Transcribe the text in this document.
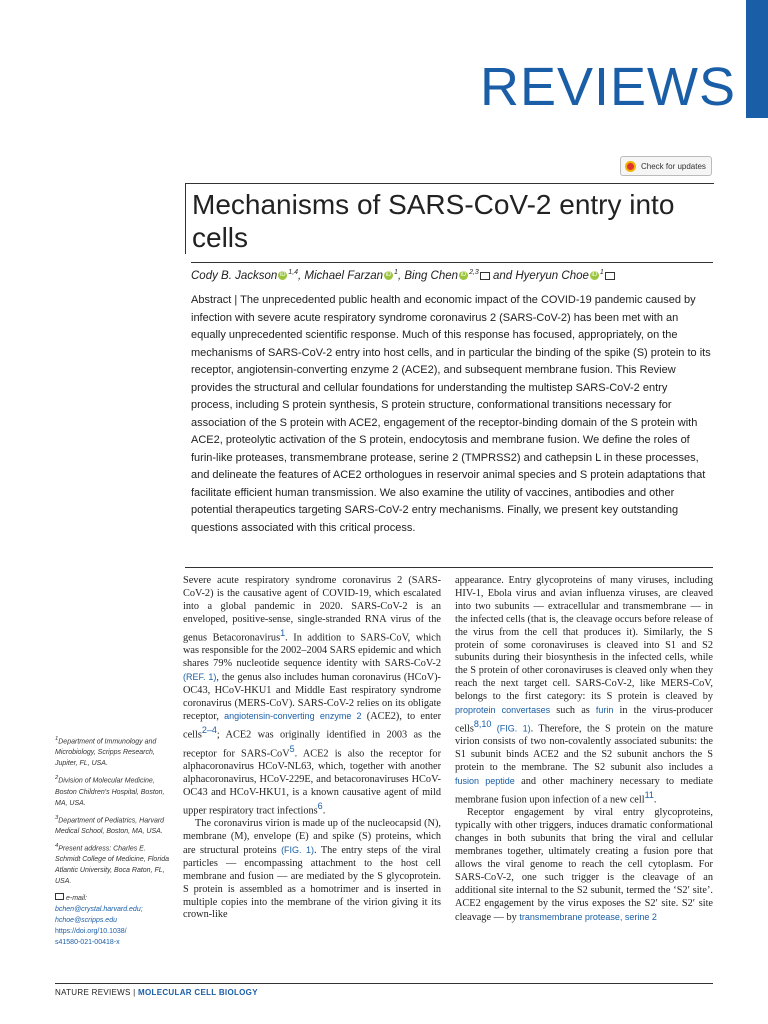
REVIEWS
Check for updates
Mechanisms of SARS-CoV-2 entry into cells
Cody B. Jackson iD $^{1,4}$, Michael Farzan iD $^1$, Bing Chen iD $^{2,3}$ and Hyeryun Choe iD $^1$

Abstract | The unprecedented public health and economic impact of the COVID-19 pandemic caused by infection with severe acute respiratory syndrome coronavirus 2 (SARS-CoV-2) has been met with an equally unprecedented scientific response. Much of this response has focused, appropriately, on the mechanisms of SARS-CoV-2 entry into host cells, and in particular the binding of the spike (S) protein to its receptor, angiotensin-converting enzyme 2 (ACE2), and subsequent membrane fusion. This Review provides the structural and cellular foundations for understanding the multistep SARS-CoV-2 entry process, including S protein synthesis, S protein structure, conformational transitions necessary for association of the S protein with ACE2, engagement of the receptor-binding domain of the S protein with ACE2, proteolytic activation of the S protein, endocytosis and membrane fusion. We define the roles of furin-like proteases, transmembrane protease, serine 2 (TMPRSS2) and cathepsin L in these processes, and delineate the features of ACE2 orthologues in reservoir animal species and S protein adaptations that facilitate efficient human transmission. We also examine the utility of vaccines, antibodies and other potential therapeutics targeting SARS-CoV-2 entry mechanisms. Finally, we present key outstanding questions associated with this critical process.

$^1$Department of Immunology and Microbiology, Scripps Research, Jupiter, FL, USA.

$^2$Division of Molecular Medicine, Boston Children's Hospital, Boston, MA, USA.

$^3$Department of Pediatrics, Harvard Medical School, Boston, MA, USA.

$^4$Present address: Charles E. Schmidt College of Medicine, Florida Atlantic University, Boca Raton, FL, USA.

e-mail:
bchen@crystal.harvard.edu;
hchoe@scripps.edu
https://doi.org/10.1038/
s41580-021-00418-x

Severe acute respiratory syndrome coronavirus 2 (SARS-CoV-2) is the causative agent of COVID-19, which escalated into a global pandemic in 2020. SARS-CoV-2 is an enveloped, positive-sense, single-stranded RNA virus of the genus Betacoronavirus$^1$. In addition to SARS-CoV, which was responsible for the 2002–2004 SARS epidemic and which shares 79% nucleotide sequence identity with SARS-CoV-2 (REF. 1), the genus also includes human coronavirus (HCoV)-OC43, HCoV-HKU1 and Middle East respiratory syndrome coronavirus (MERS-CoV). SARS-CoV-2 relies on its obligate receptor, angiotensin-converting enzyme 2 (ACE2), to enter cells$^{2-4}$; ACE2 was originally identified in 2003 as the receptor for SARS-CoV$^5$. ACE2 is also the receptor for alphacoronavirus HCoV-NL63, which, together with another alphacoronavirus, HCoV-229E, and betacoronaviruses HCoV-OC43 and HCoV-HKU1, is a known causative agent of mild upper respiratory tract infections$^6$.

The coronavirus virion is made up of the nucleocapsid (N), membrane (M), envelope (E) and spike (S) proteins, which are structural proteins (FIG. 1). The entry steps of the viral particles — encompassing attachment to the host cell membrane and fusion — are mediated by the S glycoprotein. S protein is assembled as a homotrimer and is inserted in multiple copies into the membrane of the virion giving it its crown-like

appearance. Entry glycoproteins of many viruses, including HIV-1, Ebola virus and avian influenza viruses, are cleaved into two subunits — extracellular and transmembrane — in the infected cells (that is, the cleavage occurs before release of the virus from the cell that produces it). Similarly, the S protein of some coronaviruses is cleaved into S1 and S2 subunits during their biosynthesis in the infected cells, while the S protein of other coronaviruses is cleaved only when they reach the next target cell. SARS-CoV-2, like MERS-CoV, belongs to the first category: its S protein is cleaved by proprotein convertases such as furin in the virus-producer cells$^{8,10}$ (FIG. 1). Therefore, the S protein on the mature virion consists of two non-covalently associated subunits: the S1 subunit binds ACE2 and the S2 subunit anchors the S protein to the membrane. The S2 subunit also includes a fusion peptide and other machinery necessary to mediate membrane fusion upon infection of a new cell$^{11}$.

Receptor engagement by viral entry glycoproteins, typically with other triggers, induces dramatic conformational changes in both subunits that bring the viral and cellular membranes together, ultimately creating a fusion pore that allows the viral genome to reach the cell cytoplasm. For SARS-CoV-2, one such trigger is the cleavage of an additional site internal to the S2 subunit, termed the ‘S2′ site’. ACE2 engagement by the virus exposes the S2′ site. S2′ site cleavage — by transmembrane protease, serine 2

NATURE REVIEWS | MOLECULAR CELL BIOLOGY
